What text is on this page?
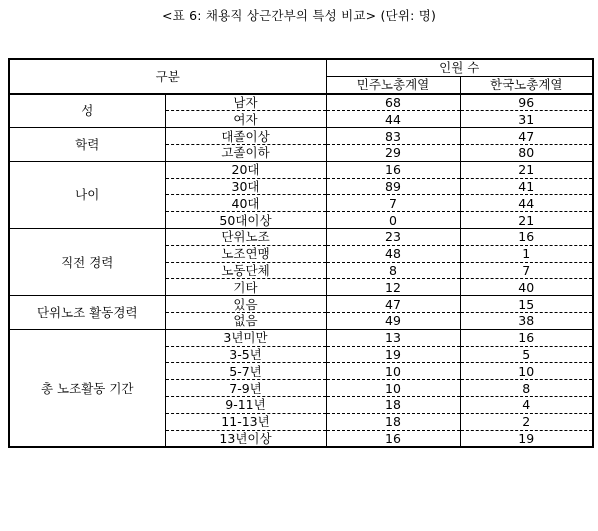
<표 6: 채용직 상근간부의 특성 비교> (단위: 명)
구분		인원 수	
		민주노총계열	한국노총계열
성	남자	68	96
	여자	44	31
학력	대졸이상	83	47
	고졸이하	29	80
나이	20대	16	21
	30대	89	41
	40대	7	44
	50대이상	0	21
직전 경력	단위노조	23	16
	노조연맹	48	1
	노동단체	8	7
	기타	12	40
단위노조 활동경력	있음	47	15
	없음	49	38
총 노조활동 기간	3년미만	13	16
	3-5년	19	5
	5-7년	10	10
	7-9년	10	8
	9-11년	18	4
	11-13년	18	2
	13년이상	16	19
